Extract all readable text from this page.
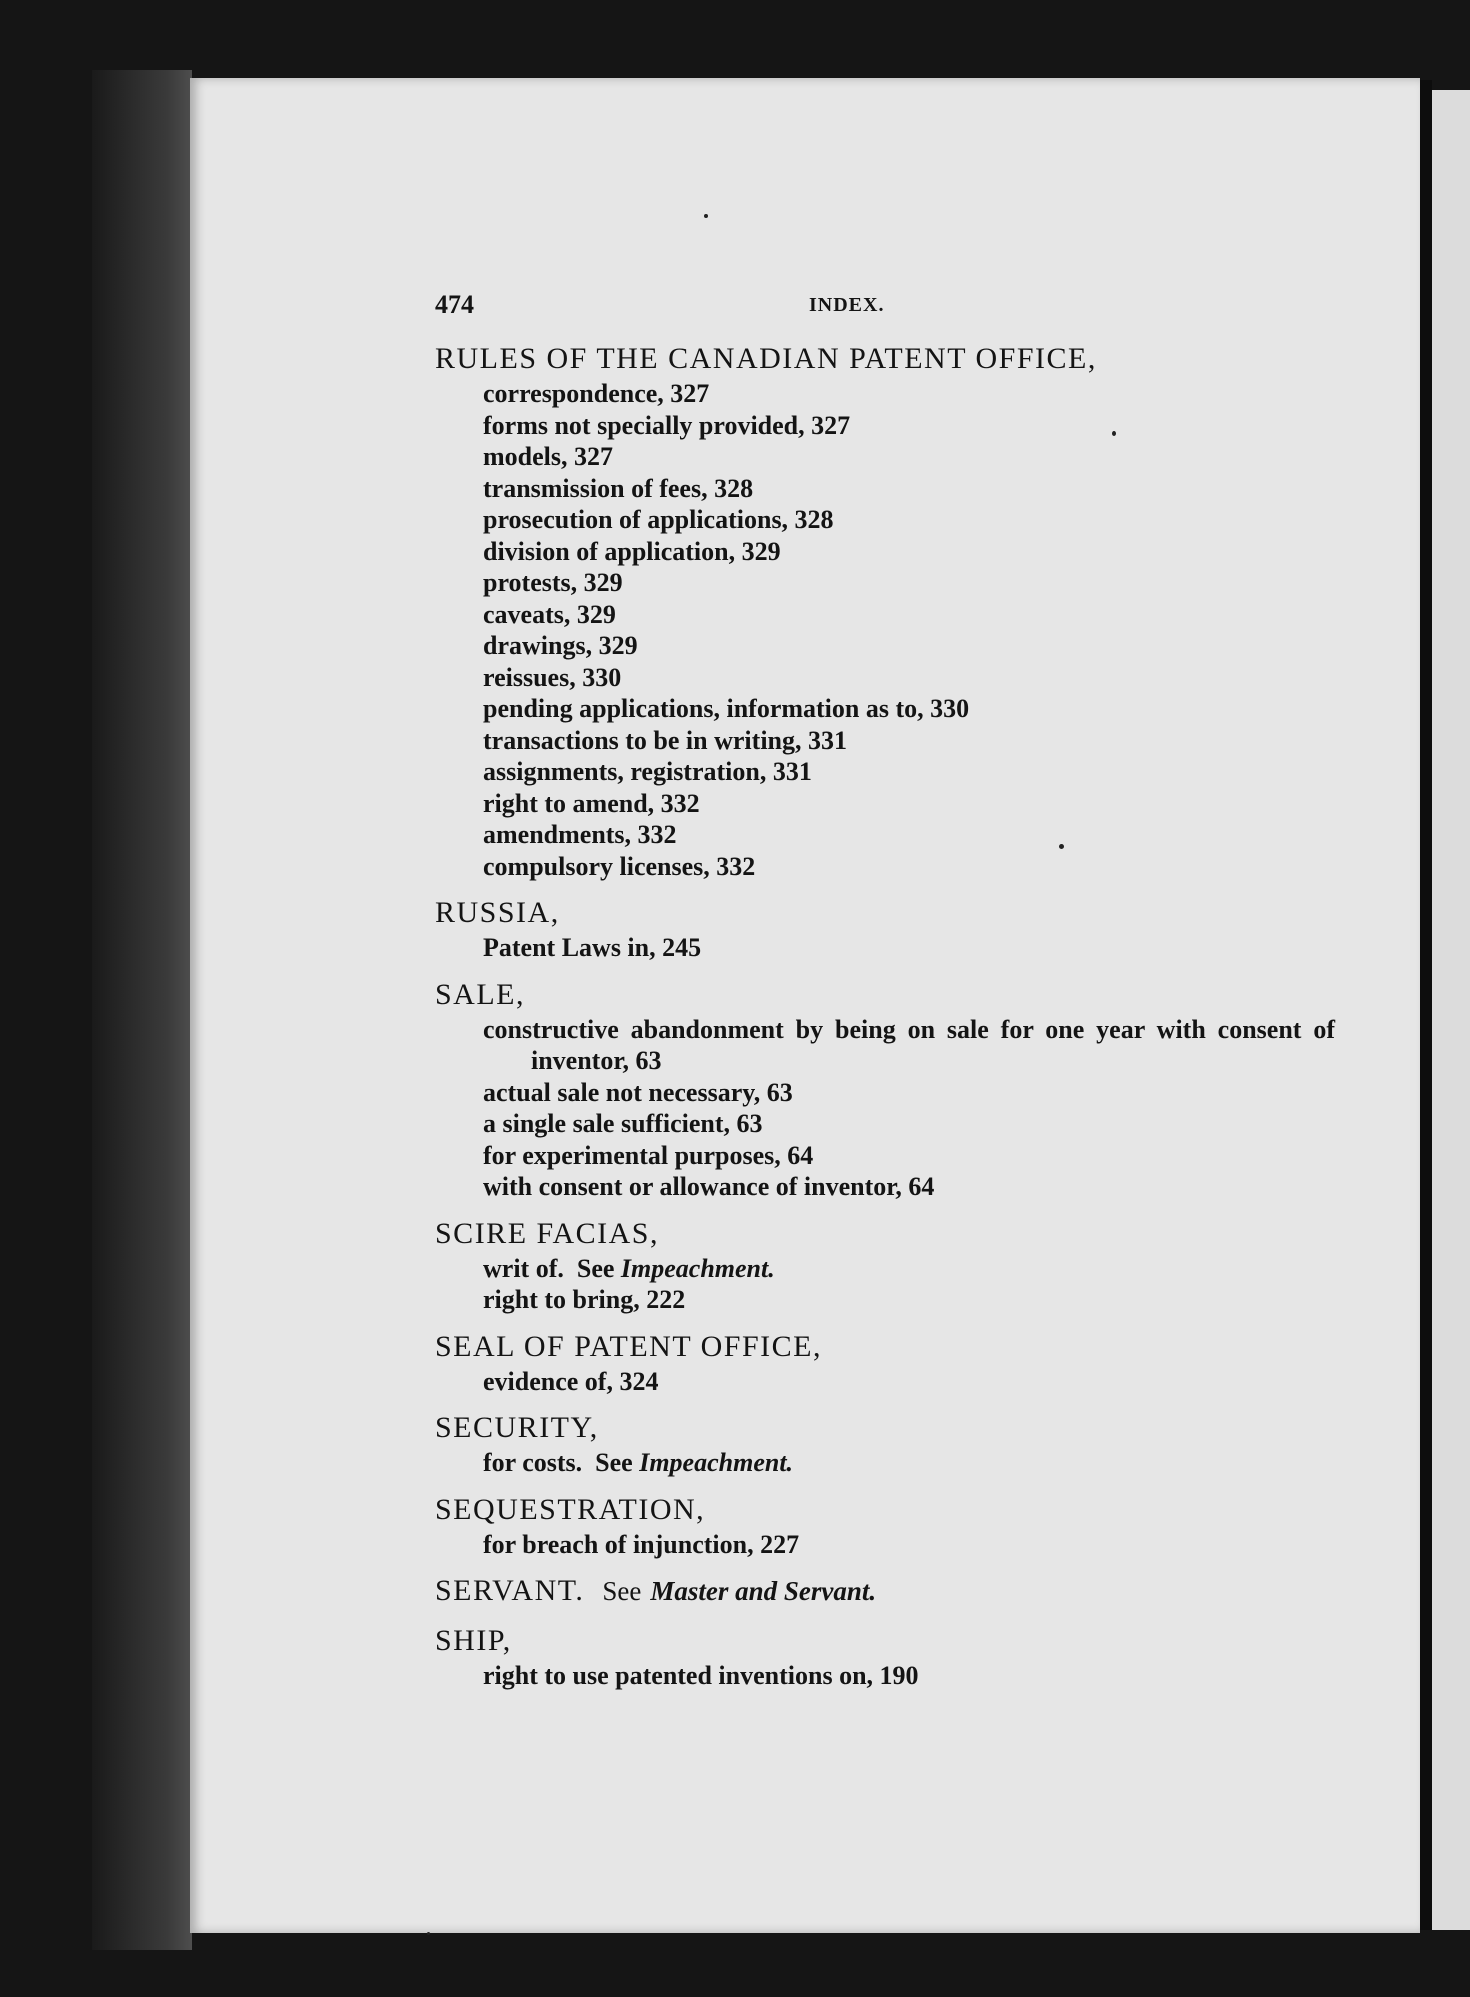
474	INDEX.
RULES OF THE CANADIAN PATENT OFFICE,
correspondence, 327
forms not specially provided, 327
models, 327
transmission of fees, 328
prosecution of applications, 328
division of application, 329
protests, 329
caveats, 329
drawings, 329
reissues, 330
pending applications, information as to, 330
transactions to be in writing, 331
assignments, registration, 331
right to amend, 332
amendments, 332
compulsory licenses, 332
RUSSIA,
Patent Laws in, 245
SALE,
constructive abandonment by being on sale for one year with consent of inventor, 63
actual sale not necessary, 63
a single sale sufficient, 63
for experimental purposes, 64
with consent or allowance of inventor, 64
SCIRE FACIAS,
writ of. See Impeachment.
right to bring, 222
SEAL OF PATENT OFFICE,
evidence of, 324
SECURITY,
for costs. See Impeachment.
SEQUESTRATION,
for breach of injunction, 227
SERVANT. See Master and Servant.
SHIP,
right to use patented inventions on, 190
